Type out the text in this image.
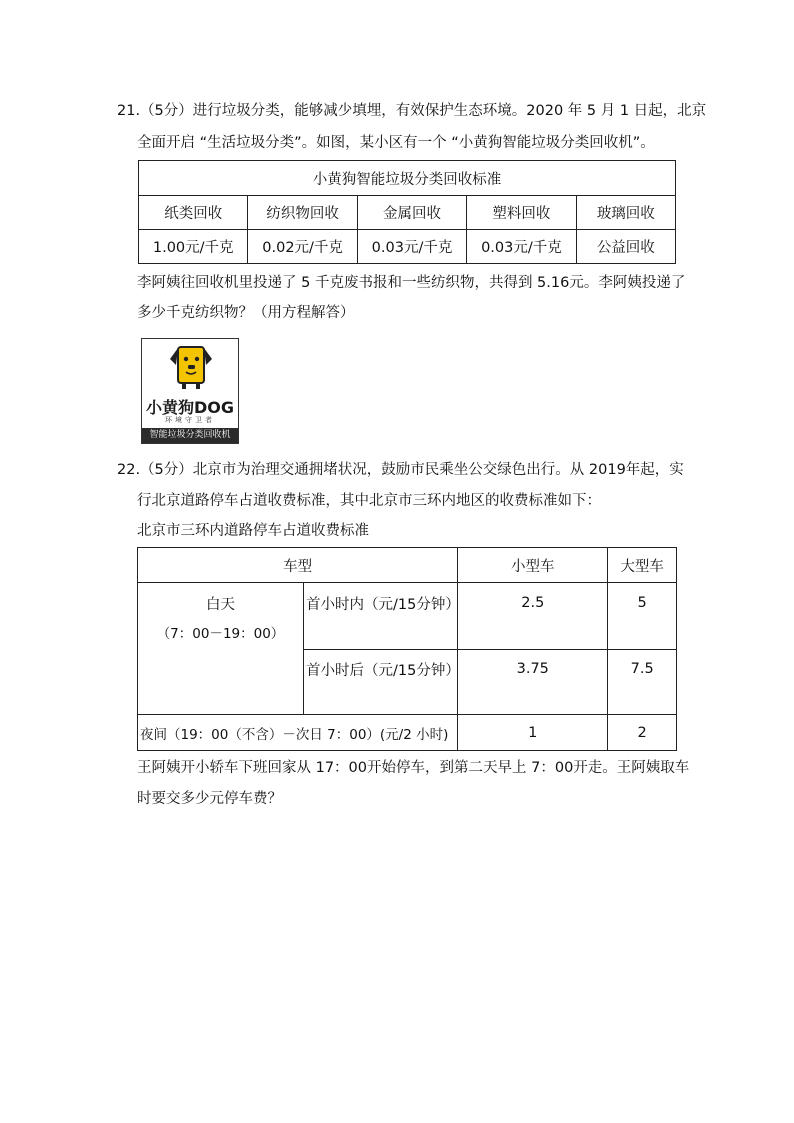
21.（5分）进行垃圾分类，能够减少填埋，有效保护生态环境。2020 年 5 月 1 日起，北京
全面开启 “生活垃圾分类”。如图，某小区有一个 “小黄狗智能垃圾分类回收机”。
小黄狗智能垃圾分类回收标准				
纸类回收	纺织物回收	金属回收	塑料回收	玻璃回收
1.00元/千克	0.02元/千克	0.03元/千克	0.03元/千克	公益回收
李阿姨往回收机里投递了 5 千克废书报和一些纺织物，共得到 5.16元。李阿姨投递了
多少千克纺织物？（用方程解答）
小黄狗DOG
环境守卫者
智能垃圾分类回收机
22.（5分）北京市为治理交通拥堵状况，鼓励市民乘坐公交绿色出行。从 2019年起，实
行北京道路停车占道收费标准，其中北京市三环内地区的收费标准如下：
北京市三环内道路停车占道收费标准
车型		小型车	大型车

白天
（7：00－19：00）	首小时内（元/15分钟）	2.5	5
	首小时后（元/15分钟）	3.75	7.5
夜间（19：00（不含）－次日 7：00）(元/2 小时)		1	2
王阿姨开小轿车下班回家从 17：00开始停车，到第二天早上 7：00开走。王阿姨取车
时要交多少元停车费？
